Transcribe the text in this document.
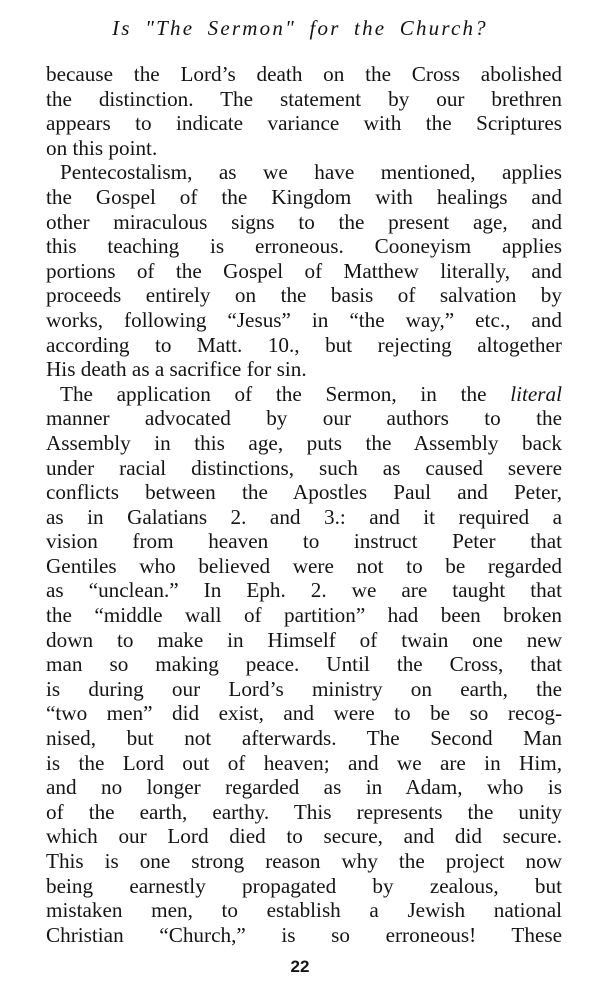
Is "The Sermon" for the Church?
because the Lord’s death on the Cross abolished
the distinction. The statement by our brethren
appears to indicate variance with the Scriptures
on this point.
Pentecostalism, as we have mentioned, applies
the Gospel of the Kingdom with healings and
other miraculous signs to the present age, and
this teaching is erroneous. Cooneyism applies
portions of the Gospel of Matthew literally, and
proceeds entirely on the basis of salvation by
works, following “Jesus” in “the way,” etc., and
according to Matt. 10., but rejecting altogether
His death as a sacrifice for sin.
The application of the Sermon, in the literal
manner advocated by our authors to the
Assembly in this age, puts the Assembly back
under racial distinctions, such as caused severe
conflicts between the Apostles Paul and Peter,
as in Galatians 2. and 3.: and it required a
vision from heaven to instruct Peter that
Gentiles who believed were not to be regarded
as “unclean.” In Eph. 2. we are taught that
the “middle wall of partition” had been broken
down to make in Himself of twain one new
man so making peace. Until the Cross, that
is during our Lord’s ministry on earth, the
“two men” did exist, and were to be so recog-
nised, but not afterwards. The Second Man
is the Lord out of heaven; and we are in Him,
and no longer regarded as in Adam, who is
of the earth, earthy. This represents the unity
which our Lord died to secure, and did secure.
This is one strong reason why the project now
being earnestly propagated by zealous, but
mistaken men, to establish a Jewish national
Christian “Church,” is so erroneous! These
22
